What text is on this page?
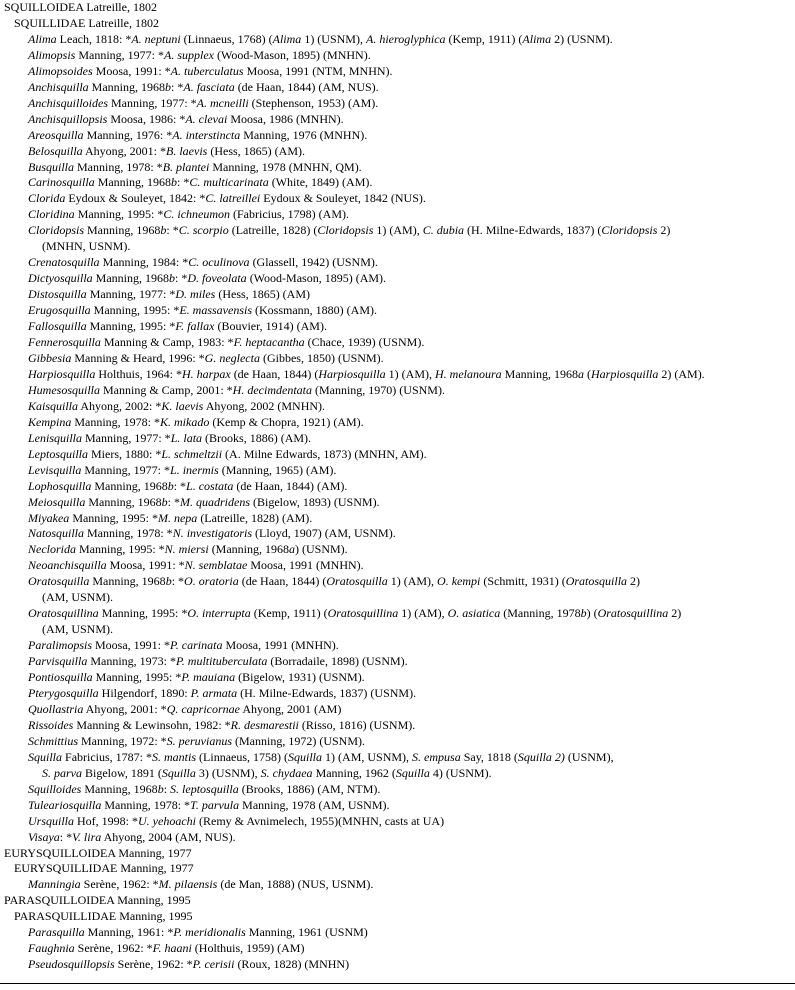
SQUILLOIDEA Latreille, 1802
SQUILLIDAE Latreille, 1802
Alima Leach, 1818: *A. neptuni (Linnaeus, 1768) (Alima 1) (USNM), A. hieroglyphica (Kemp, 1911) (Alima 2) (USNM).
Alimopsis Manning, 1977: *A. supplex (Wood-Mason, 1895) (MNHN).
Alimopsoides Moosa, 1991: *A. tuberculatus Moosa, 1991 (NTM, MNHN).
Anchisquilla Manning, 1968b: *A. fasciata (de Haan, 1844) (AM, NUS).
Anchisquilloides Manning, 1977: *A. mcneilli (Stephenson, 1953) (AM).
Anchisquillopsis Moosa, 1986: *A. clevai Moosa, 1986 (MNHN).
Areosquilla Manning, 1976: *A. interstincta Manning, 1976 (MNHN).
Belosquilla Ahyong, 2001: *B. laevis (Hess, 1865) (AM).
Busquilla Manning, 1978: *B. plantei Manning, 1978 (MNHN, QM).
Carinosquilla Manning, 1968b: *C. multicarinata (White, 1849) (AM).
Clorida Eydoux & Souleyet, 1842: *C. latreillei Eydoux & Souleyet, 1842 (NUS).
Cloridina Manning, 1995: *C. ichneumon (Fabricius, 1798) (AM).
Cloridopsis Manning, 1968b: *C. scorpio (Latreille, 1828) (Cloridopsis 1) (AM), C. dubia (H. Milne-Edwards, 1837) (Cloridopsis 2)
(MNHN, USNM).
Crenatosquilla Manning, 1984: *C. oculinova (Glassell, 1942) (USNM).
Dictyosquilla Manning, 1968b: *D. foveolata (Wood-Mason, 1895) (AM).
Distosquilla Manning, 1977: *D. miles (Hess, 1865) (AM)
Erugosquilla Manning, 1995: *E. massavensis (Kossmann, 1880) (AM).
Fallosquilla Manning, 1995: *F. fallax (Bouvier, 1914) (AM).
Fennerosquilla Manning & Camp, 1983: *F. heptacantha (Chace, 1939) (USNM).
Gibbesia Manning & Heard, 1996: *G. neglecta (Gibbes, 1850) (USNM).
Harpiosquilla Holthuis, 1964: *H. harpax (de Haan, 1844) (Harpiosquilla 1) (AM), H. melanoura Manning, 1968a (Harpiosquilla 2) (AM).
Humesosquilla Manning & Camp, 2001: *H. decimdentata (Manning, 1970) (USNM).
Kaisquilla Ahyong, 2002: *K. laevis Ahyong, 2002 (MNHN).
Kempina Manning, 1978: *K. mikado (Kemp & Chopra, 1921) (AM).
Lenisquilla Manning, 1977: *L. lata (Brooks, 1886) (AM).
Leptosquilla Miers, 1880: *L. schmeltzii (A. Milne Edwards, 1873) (MNHN, AM).
Levisquilla Manning, 1977: *L. inermis (Manning, 1965) (AM).
Lophosquilla Manning, 1968b: *L. costata (de Haan, 1844) (AM).
Meiosquilla Manning, 1968b: *M. quadridens (Bigelow, 1893) (USNM).
Miyakea Manning, 1995: *M. nepa (Latreille, 1828) (AM).
Natosquilla Manning, 1978: *N. investigatoris (Lloyd, 1907) (AM, USNM).
Neclorida Manning, 1995: *N. miersi (Manning, 1968a) (USNM).
Neoanchisquilla Moosa, 1991: *N. semblatae Moosa, 1991 (MNHN).
Oratosquilla Manning, 1968b: *O. oratoria (de Haan, 1844) (Oratosquilla 1) (AM), O. kempi (Schmitt, 1931) (Oratosquilla 2)
(AM, USNM).
Oratosquillina Manning, 1995: *O. interrupta (Kemp, 1911) (Oratosquillina 1) (AM), O. asiatica (Manning, 1978b) (Oratosquillina 2)
(AM, USNM).
Paralimopsis Moosa, 1991: *P. carinata Moosa, 1991 (MNHN).
Parvisquilla Manning, 1973: *P. multituberculata (Borradaile, 1898) (USNM).
Pontiosquilla Manning, 1995: *P. mauiana (Bigelow, 1931) (USNM).
Pterygosquilla Hilgendorf, 1890: P. armata (H. Milne-Edwards, 1837) (USNM).
Quollastria Ahyong, 2001: *Q. capricornae Ahyong, 2001 (AM)
Rissoides Manning & Lewinsohn, 1982: *R. desmarestii (Risso, 1816) (USNM).
Schmittius Manning, 1972: *S. peruvianus (Manning, 1972) (USNM).
Squilla Fabricius, 1787: *S. mantis (Linnaeus, 1758) (Squilla 1) (AM, USNM), S. empusa Say, 1818 (Squilla 2) (USNM),
S. parva Bigelow, 1891 (Squilla 3) (USNM), S. chydaea Manning, 1962 (Squilla 4) (USNM).
Squilloides Manning, 1968b: S. leptosquilla (Brooks, 1886) (AM, NTM).
Tuleariosquilla Manning, 1978: *T. parvula Manning, 1978 (AM, USNM).
Ursquilla Hof, 1998: *U. yehoachi (Remy & Avnimelech, 1955)(MNHN, casts at UA)
Visaya: *V. lira Ahyong, 2004 (AM, NUS).
EURYSQUILLOIDEA Manning, 1977
EURYSQUILLIDAE Manning, 1977
Manningia Serène, 1962: *M. pilaensis (de Man, 1888) (NUS, USNM).
PARASQUILLOIDEA Manning, 1995
PARASQUILLIDAE Manning, 1995
Parasquilla Manning, 1961: *P. meridionalis Manning, 1961 (USNM)
Faughnia Serène, 1962: *F. haani (Holthuis, 1959) (AM)
Pseudosquillopsis Serène, 1962: *P. cerisii (Roux, 1828) (MNHN)
